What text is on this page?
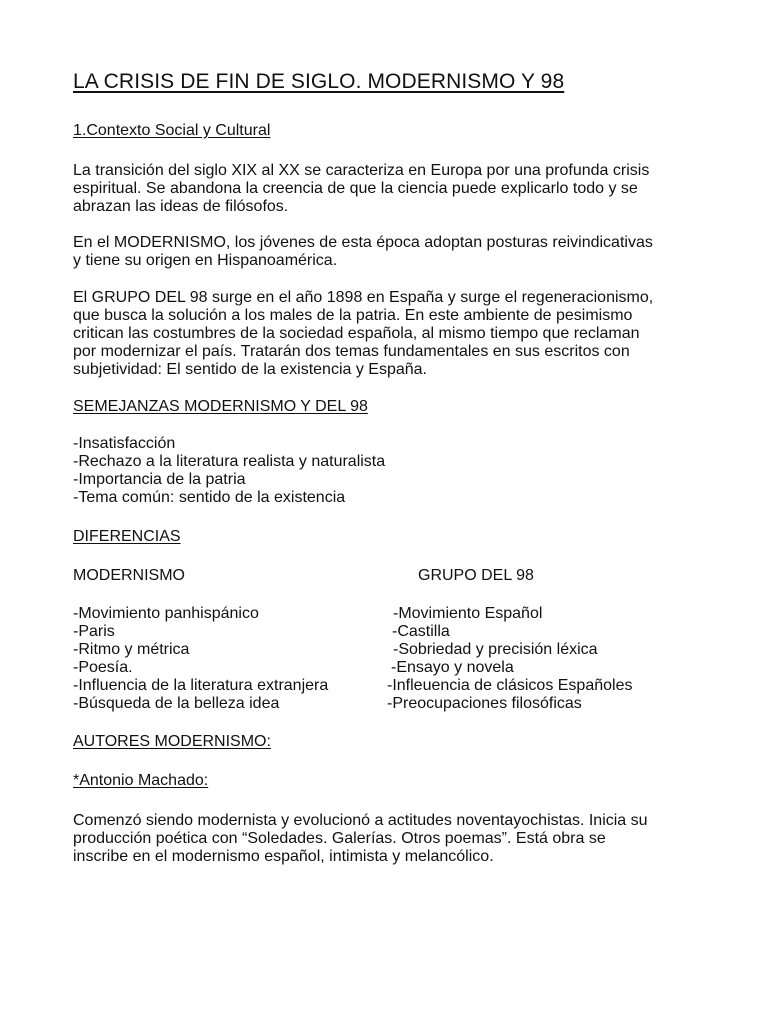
LA CRISIS DE FIN DE SIGLO. MODERNISMO Y 98
1.Contexto Social y Cultural
La transición del siglo XIX al XX se caracteriza en Europa por una profunda crisis
espiritual. Se abandona la creencia de que la ciencia puede explicarlo todo y se
abrazan las ideas de filósofos.
En el MODERNISMO, los jóvenes de esta época adoptan posturas reivindicativas
y tiene su origen en Hispanoamérica.
El GRUPO DEL 98 surge en el año 1898 en España y surge el regeneracionismo,
que busca la solución a los males de la patria. En este ambiente de pesimismo
critican las costumbres de la sociedad española, al mismo tiempo que reclaman
por modernizar el país. Tratarán dos temas fundamentales en sus escritos con
subjetividad: El sentido de la existencia y España.
SEMEJANZAS MODERNISMO Y DEL 98
-Insatisfacción
-Rechazo a la literatura realista y naturalista
-Importancia de la patria
-Tema común: sentido de la existencia
DIFERENCIAS
MODERNISMO	GRUPO DEL 98
-Movimiento panhispánico	-Movimiento Español
-Paris	-Castilla
-Ritmo y métrica	-Sobriedad y precisión léxica
-Poesía.	-Ensayo y novela
-Influencia de la literatura extranjera	-Infleuencia de clásicos Españoles
-Búsqueda de la belleza idea	-Preocupaciones filosóficas
AUTORES MODERNISMO:
*Antonio Machado:
Comenzó siendo modernista y evolucionó a actitudes noventayochistas. Inicia su
producción poética con “Soledades. Galerías. Otros poemas”. Está obra se
inscribe en el modernismo español, intimista y melancólico.
